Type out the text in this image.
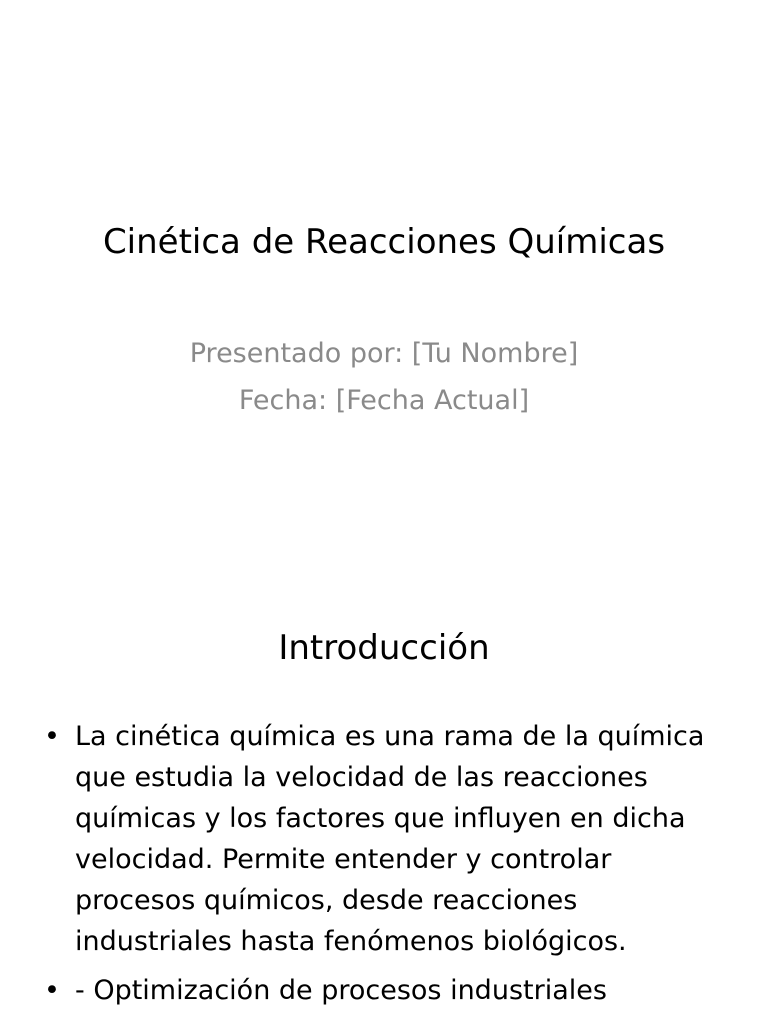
Cinética de Reacciones Químicas
Presentado por: [Tu Nombre]
Fecha: [Fecha Actual]
Introducción
• La cinética química es una rama de la química que estudia la velocidad de las reacciones químicas y los factores que influyen en dicha velocidad. Permite entender y controlar procesos químicos, desde reacciones industriales hasta fenómenos biológicos.
• - Optimización de procesos industriales
